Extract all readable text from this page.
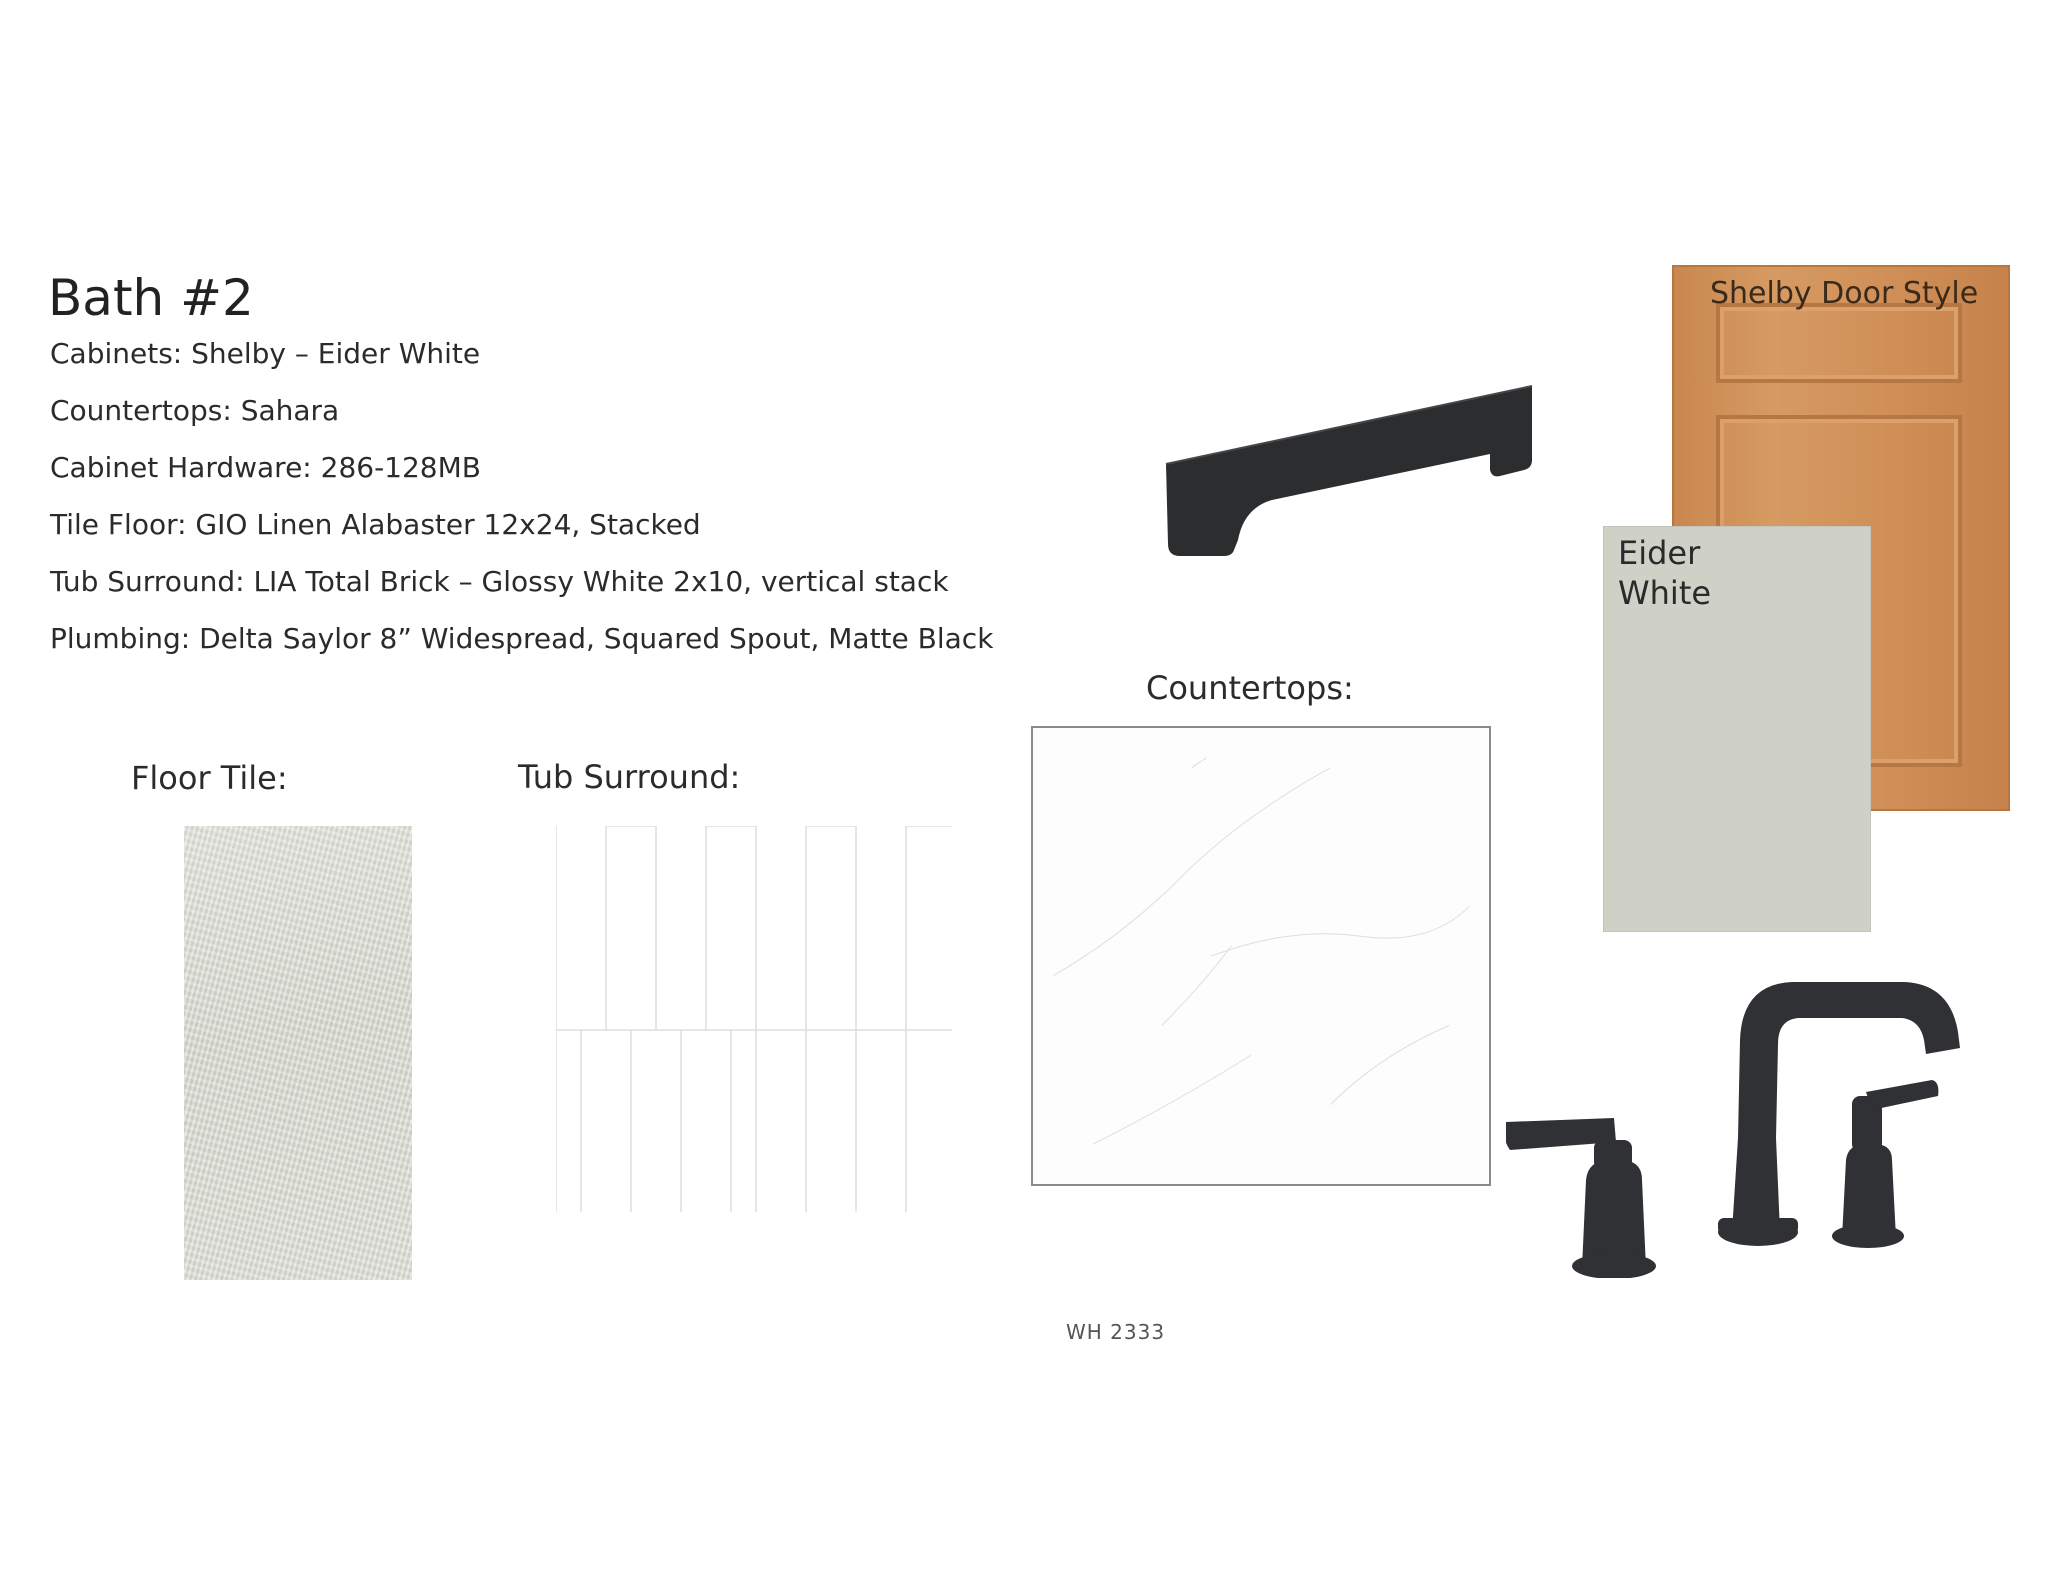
Bath #2
Cabinets: Shelby – Eider White
Countertops: Sahara
Cabinet Hardware: 286-128MB
Tile Floor: GIO Linen Alabaster 12x24, Stacked
Tub Surround: LIA Total Brick – Glossy White 2x10, vertical stack
Plumbing: Delta Saylor 8” Widespread, Squared Spout, Matte Black
Shelby Door Style
Eider
White
Countertops:
Floor Tile:	Tub Surround:
WH 2333
